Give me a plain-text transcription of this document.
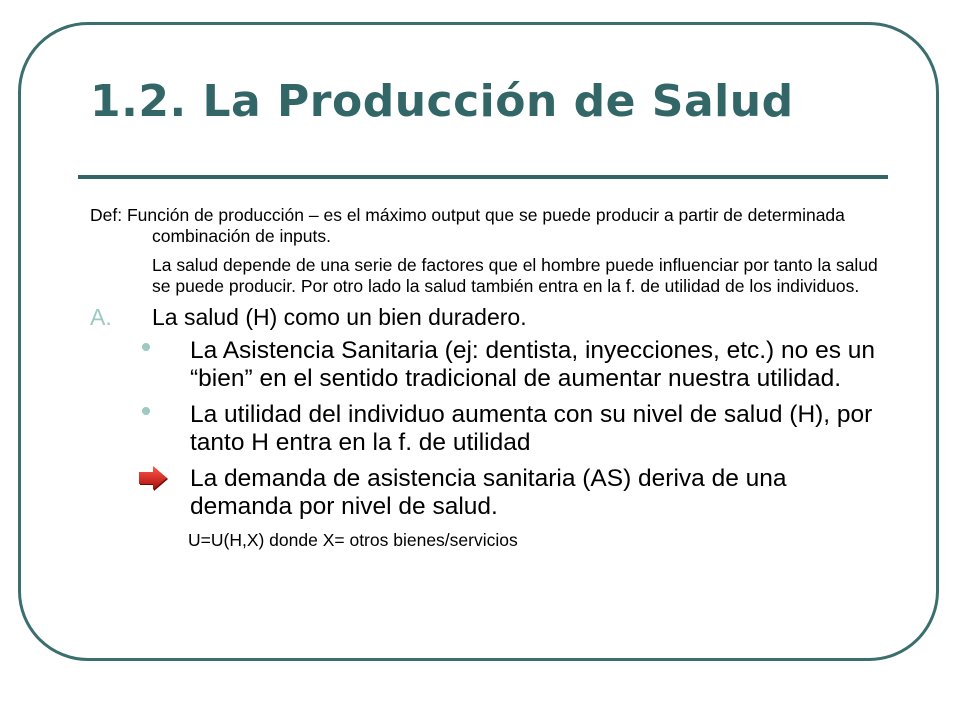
1.2. La Producción de Salud

Def: Función de producción – es el máximo output que se puede producir a partir de determinada combinación de inputs.

La salud depende de una serie de factores que el hombre puede influenciar por tanto la salud se puede producir. Por otro lado la salud también entra en la f. de utilidad de los individuos.

A. La salud (H) como un bien duradero.
La Asistencia Sanitaria (ej: dentista, inyecciones, etc.) no es un “bien” en el sentido tradicional de aumentar nuestra utilidad.
La utilidad del individuo aumenta con su nivel de salud (H), por tanto H entra en la f. de utilidad
La demanda de asistencia sanitaria (AS) deriva de una demanda por nivel de salud.

U=U(H,X) donde X= otros bienes/servicios
